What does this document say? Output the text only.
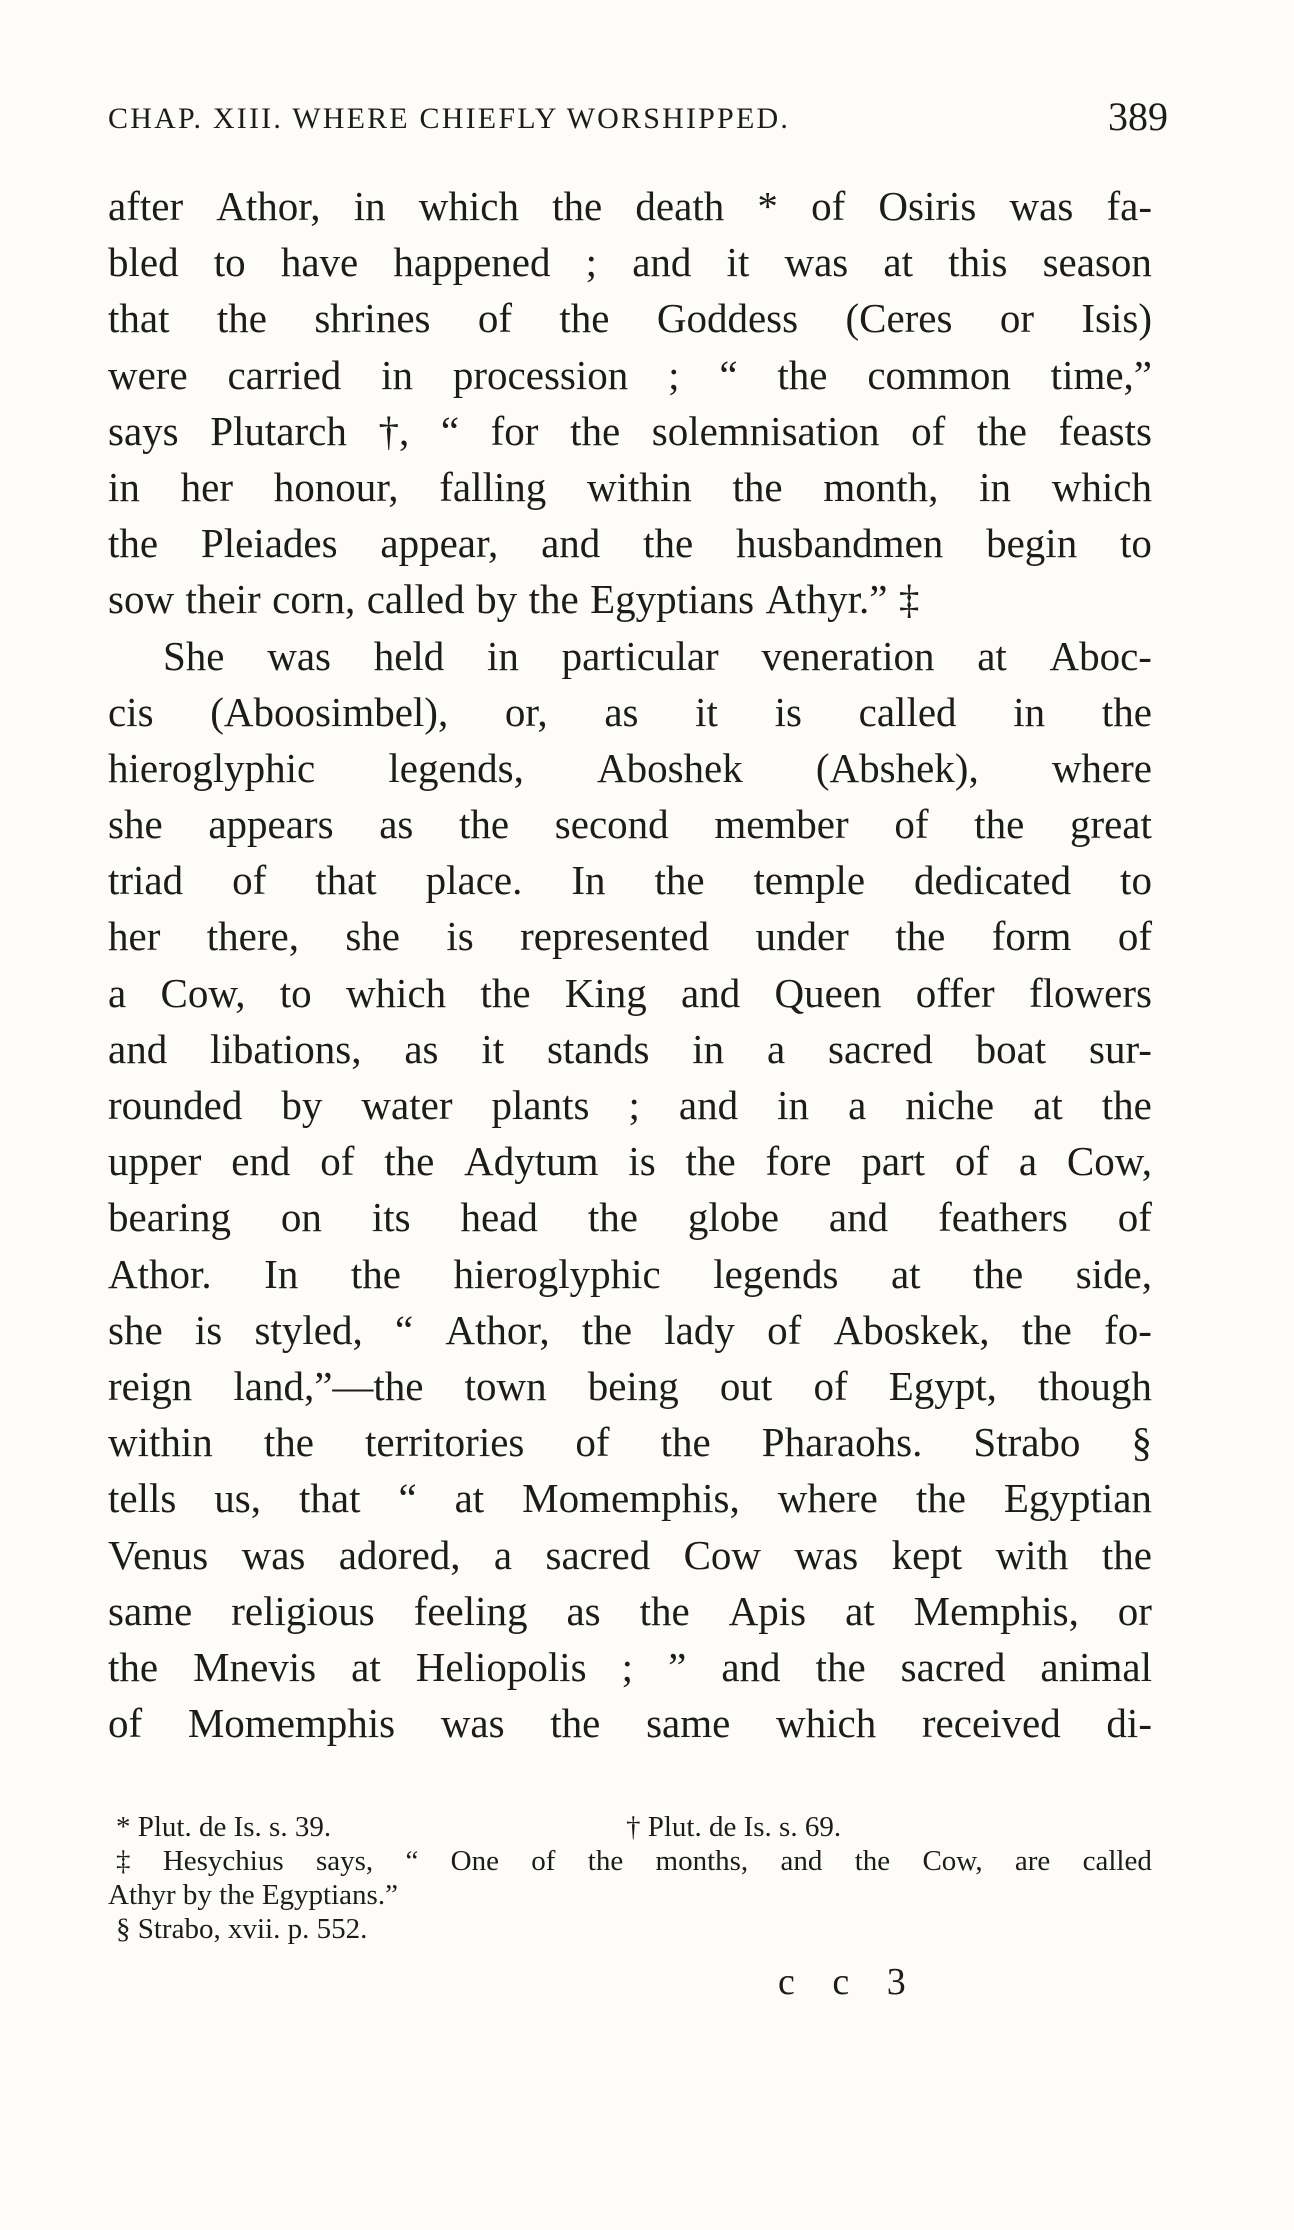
CHAP. XIII. WHERE CHIEFLY WORSHIPPED.	389
after Athor, in which the death * of Osiris was fa-
bled to have happened ; and it was at this season
that the shrines of the Goddess (Ceres or Isis)
were carried in procession ; “ the common time,”
says Plutarch †, “ for the solemnisation of the feasts
in her honour, falling within the month, in which
the Pleiades appear, and the husbandmen begin to
sow their corn, called by the Egyptians Athyr.” ‡
She was held in particular veneration at Aboc-
cis (Aboosimbel), or, as it is called in the
hieroglyphic legends, Aboshek (Abshek), where
she appears as the second member of the great
triad of that place. In the temple dedicated to
her there, she is represented under the form of
a Cow, to which the King and Queen offer flowers
and libations, as it stands in a sacred boat sur-
rounded by water plants ; and in a niche at the
upper end of the Adytum is the fore part of a Cow,
bearing on its head the globe and feathers of
Athor. In the hieroglyphic legends at the side,
she is styled, “ Athor, the lady of Aboskek, the fo-
reign land,”—the town being out of Egypt, though
within the territories of the Pharaohs. Strabo §
tells us, that “ at Momemphis, where the Egyptian
Venus was adored, a sacred Cow was kept with the
same religious feeling as the Apis at Memphis, or
the Mnevis at Heliopolis ; ” and the sacred animal
of Momemphis was the same which received di-
* Plut. de Is. s. 39.	† Plut. de Is. s. 69.
‡ Hesychius says, “ One of the months, and the Cow, are called
Athyr by the Egyptians.”
§ Strabo, xvii. p. 552.
c c 3
